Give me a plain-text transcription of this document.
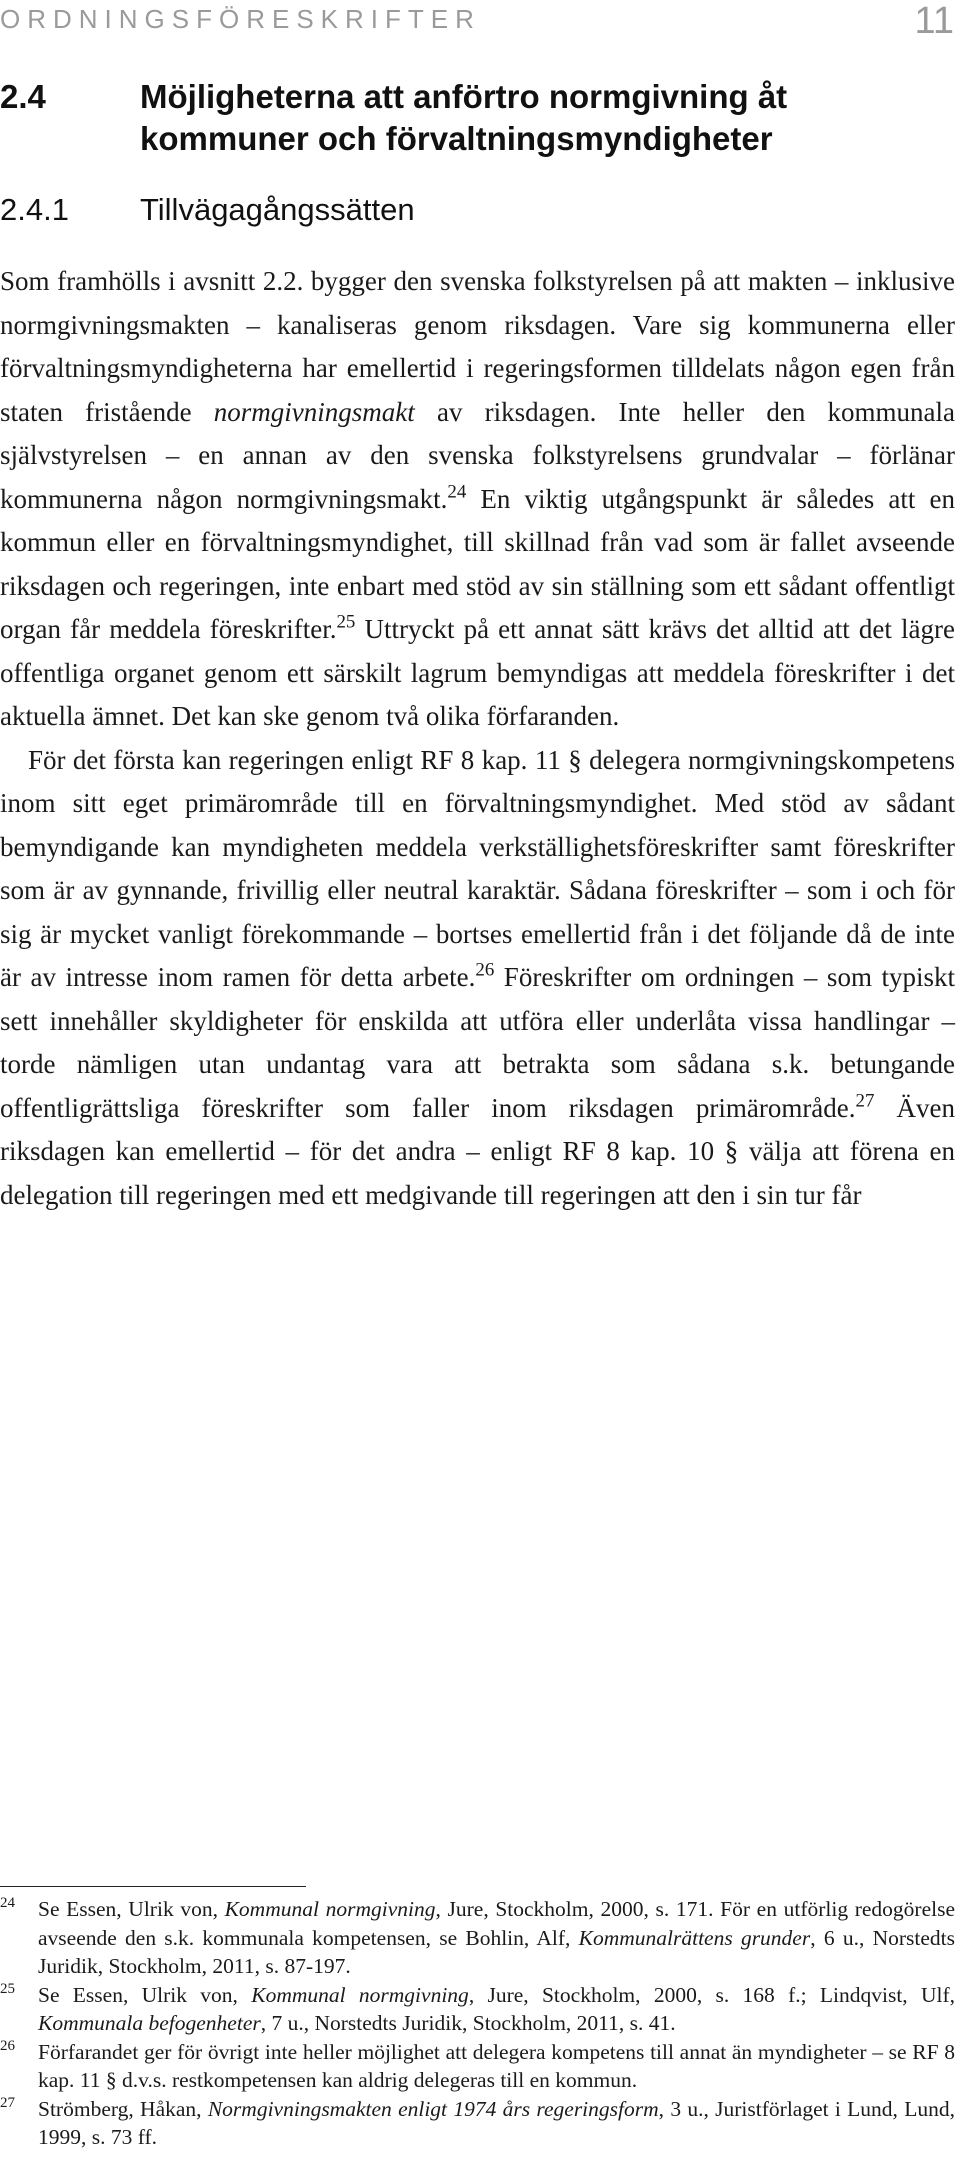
ORDNINGSFÖRESKRIFTER	11
2.4	Möjligheterna att anförtro normgivning åt kommuner och förvaltningsmyndigheter
2.4.1 Tillvägagångssätten

Som framhölls i avsnitt 2.2. bygger den svenska folkstyrelsen på att makten – inklusive normgivningsmakten – kanaliseras genom riksdagen. Vare sig kommunerna eller förvaltningsmyndigheterna har emellertid i regeringsformen tilldelats någon egen från staten fristående normgivningsmakt av riksdagen. Inte heller den kommunala självstyrelsen – en annan av den svenska folkstyrelsens grundvalar – förlänar kommunerna någon normgivningsmakt.$^{24}$ En viktig utgångspunkt är således att en kommun eller en förvaltningsmyndighet, till skillnad från vad som är fallet avseende riksdagen och regeringen, inte enbart med stöd av sin ställning som ett sådant offentligt organ får meddela föreskrifter.$^{25}$ Uttryckt på ett annat sätt krävs det alltid att det lägre offentliga organet genom ett särskilt lagrum bemyndigas att meddela föreskrifter i det aktuella ämnet. Det kan ske genom två olika förfaranden.

För det första kan regeringen enligt RF 8 kap. 11 § delegera normgivningskompetens inom sitt eget primärområde till en förvaltningsmyndighet. Med stöd av sådant bemyndigande kan myndigheten meddela verkställighetsföreskrifter samt föreskrifter som är av gynnande, frivillig eller neutral karaktär. Sådana föreskrifter – som i och för sig är mycket vanligt förekommande – bortses emellertid från i det följande då de inte är av intresse inom ramen för detta arbete.$^{26}$ Föreskrifter om ordningen – som typiskt sett innehåller skyldigheter för enskilda att utföra eller underlåta vissa handlingar – torde nämligen utan undantag vara att betrakta som sådana s.k. betungande offentligrättsliga föreskrifter som faller inom riksdagen primärområde.$^{27}$ Även riksdagen kan emellertid – för det andra – enligt RF 8 kap. 10 § välja att förena en delegation till regeringen med ett medgivande till regeringen att den i sin tur får

24 Se Essen, Ulrik von, Kommunal normgivning, Jure, Stockholm, 2000, s. 171. För en utförlig redogörelse avseende den s.k. kommunala kompetensen, se Bohlin, Alf, Kommunalrättens grunder, 6 u., Norstedts Juridik, Stockholm, 2011, s. 87-197.
25 Se Essen, Ulrik von, Kommunal normgivning, Jure, Stockholm, 2000, s. 168 f.; Lindqvist, Ulf, Kommunala befogenheter, 7 u., Norstedts Juridik, Stockholm, 2011, s. 41.
26 Förfarandet ger för övrigt inte heller möjlighet att delegera kompetens till annat än myndigheter – se RF 8 kap. 11 § d.v.s. restkompetensen kan aldrig delegeras till en kommun.
27 Strömberg, Håkan, Normgivningsmakten enligt 1974 års regeringsform, 3 u., Juristförlaget i Lund, Lund, 1999, s. 73 ff.
